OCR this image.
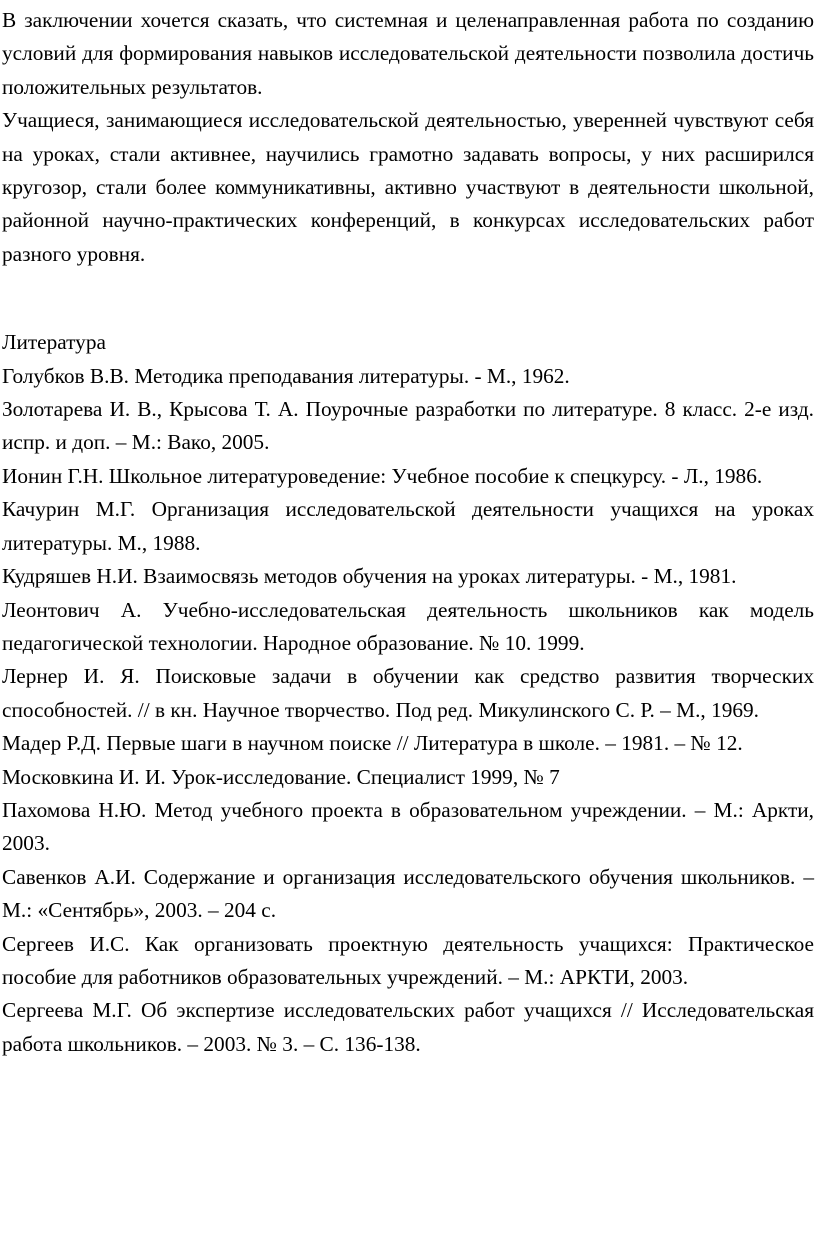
В заключении хочется сказать, что системная и целенаправленная работа по созданию условий для формирования навыков исследовательской деятельности позволила достичь положительных результатов.

Учащиеся, занимающиеся исследовательской деятельностью, уверенней чувствуют себя на уроках, стали активнее, научились грамотно задавать вопросы, у них расширился кругозор, стали более коммуникативны, активно участвуют в деятельности школьной, районной научно-практических конференций, в конкурсах исследовательских работ разного уровня.

Литература

Голубков В.В. Методика преподавания литературы. - М., 1962.

Золотарева И. В., Крысова Т. А. Поурочные разработки по литературе. 8 класс. 2-е изд. испр. и доп. – М.: Вако, 2005.

Ионин Г.Н. Школьное литературоведение: Учебное пособие к спецкурсу. - Л., 1986.

Качурин М.Г. Организация исследовательской деятельности учащихся на уроках литературы. М., 1988.

Кудряшев Н.И. Взаимосвязь методов обучения на уроках литературы. - М., 1981.

Леонтович А. Учебно-исследовательская деятельность школьников как модель педагогической технологии. Народное образование. № 10. 1999.

Лернер И. Я. Поисковые задачи в обучении как средство развития творческих способностей. // в кн. Научное творчество. Под ред. Микулинского С. Р. – М., 1969.

Мадер Р.Д. Первые шаги в научном поиске // Литература в школе. – 1981. – № 12.

Московкина И. И. Урок-исследование. Специалист 1999, № 7

Пахомова Н.Ю. Метод учебного проекта в образовательном учреждении. – М.: Аркти, 2003.

Савенков А.И. Содержание и организация исследовательского обучения школьников. – М.: «Сентябрь», 2003. – 204 с.

Сергеев И.С. Как организовать проектную деятельность учащихся: Практическое пособие для работников образовательных учреждений. – М.: АРКТИ, 2003.

Сергеева М.Г. Об экспертизе исследовательских работ учащихся // Исследовательская работа школьников. – 2003. № 3. – С. 136-138.
